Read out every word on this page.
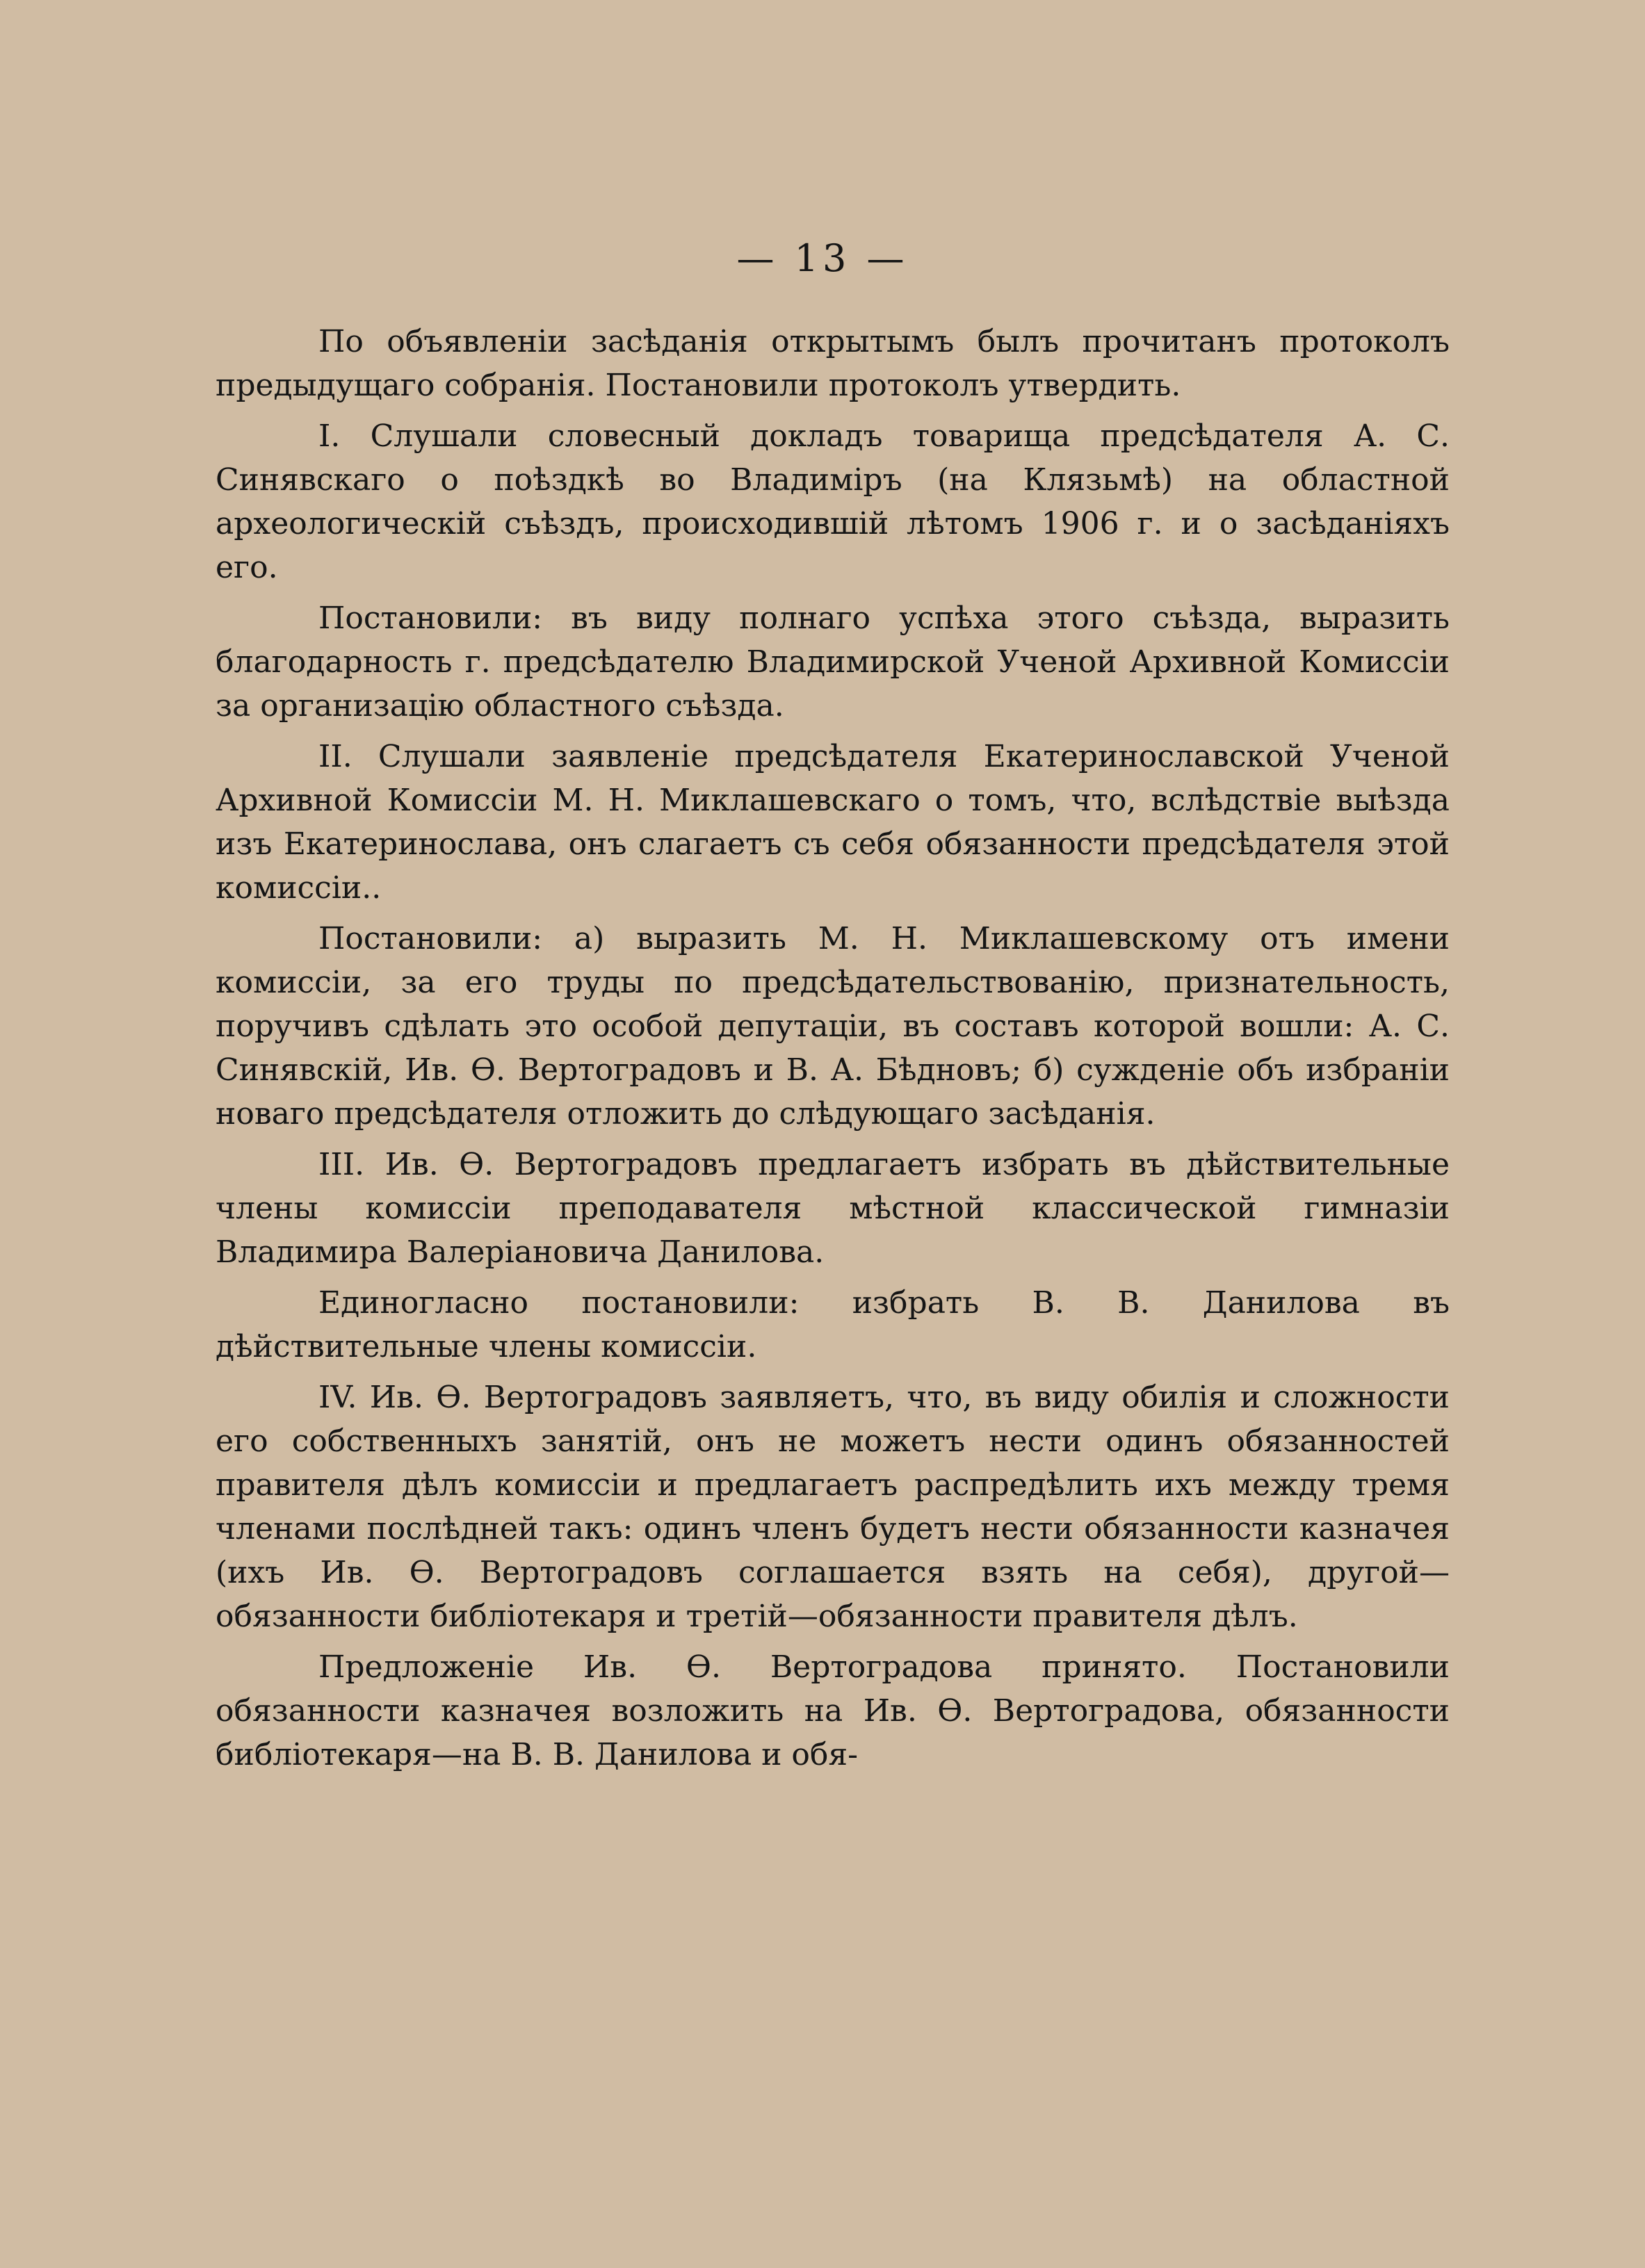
— 13 —

По объявленіи засѣданія открытымъ былъ прочитанъ протоколъ предыдущаго собранія. Постановили протоколъ утвердить.

I. Слушали словесный докладъ товарища предсѣдателя А. С. Синявскаго о поѣздкѣ во Владиміръ (на Клязьмѣ) на областной археологическій съѣздъ, происходившій лѣтомъ 1906 г. и о засѣданіяхъ его.

Постановили: въ виду полнаго успѣха этого съѣзда, выразить благодарность г. предсѣдателю Владимирской Ученой Архивной Комиссіи за организацію областного съѣзда.

II. Слушали заявленіе предсѣдателя Екатеринославской Ученой Архивной Комиссіи М. Н. Миклашевскаго о томъ, что, вслѣдствіе выѣзда изъ Екатеринослава, онъ слагаетъ съ себя обязанности предсѣдателя этой комиссіи..

Постановили: а) выразить М. Н. Миклашевскому отъ имени комиссіи, за его труды по предсѣдательствованію, признательность, поручивъ сдѣлать это особой депутаціи, въ составъ которой вошли: А. С. Синявскій, Ив. Ѳ. Вертоградовъ и В. А. Бѣдновъ; б) сужденіе объ избраніи новаго предсѣдателя отложить до слѣдующаго засѣданія.

III. Ив. Ѳ. Вертоградовъ предлагаетъ избрать въ дѣйствительные члены комиссіи преподавателя мѣстной классической гимназіи Владимира Валеріановича Данилова.

Единогласно постановили: избрать В. В. Данилова въ дѣйствительные члены комиссіи.

IV. Ив. Ѳ. Вертоградовъ заявляетъ, что, въ виду обилія и сложности его собственныхъ занятій, онъ не можетъ нести одинъ обязанностей правителя дѣлъ комиссіи и предлагаетъ распредѣлить ихъ между тремя членами послѣдней такъ: одинъ членъ будетъ нести обязанности казначея (ихъ Ив. Ѳ. Вертоградовъ соглашается взять на себя), другой— обязанности библіотекаря и третій—обязанности правителя дѣлъ.

Предложеніе Ив. Ѳ. Вертоградова принято. Постановили обязанности казначея возложить на Ив. Ѳ. Вертоградова, обязанности библіотекаря—на В. В. Данилова и обя-
